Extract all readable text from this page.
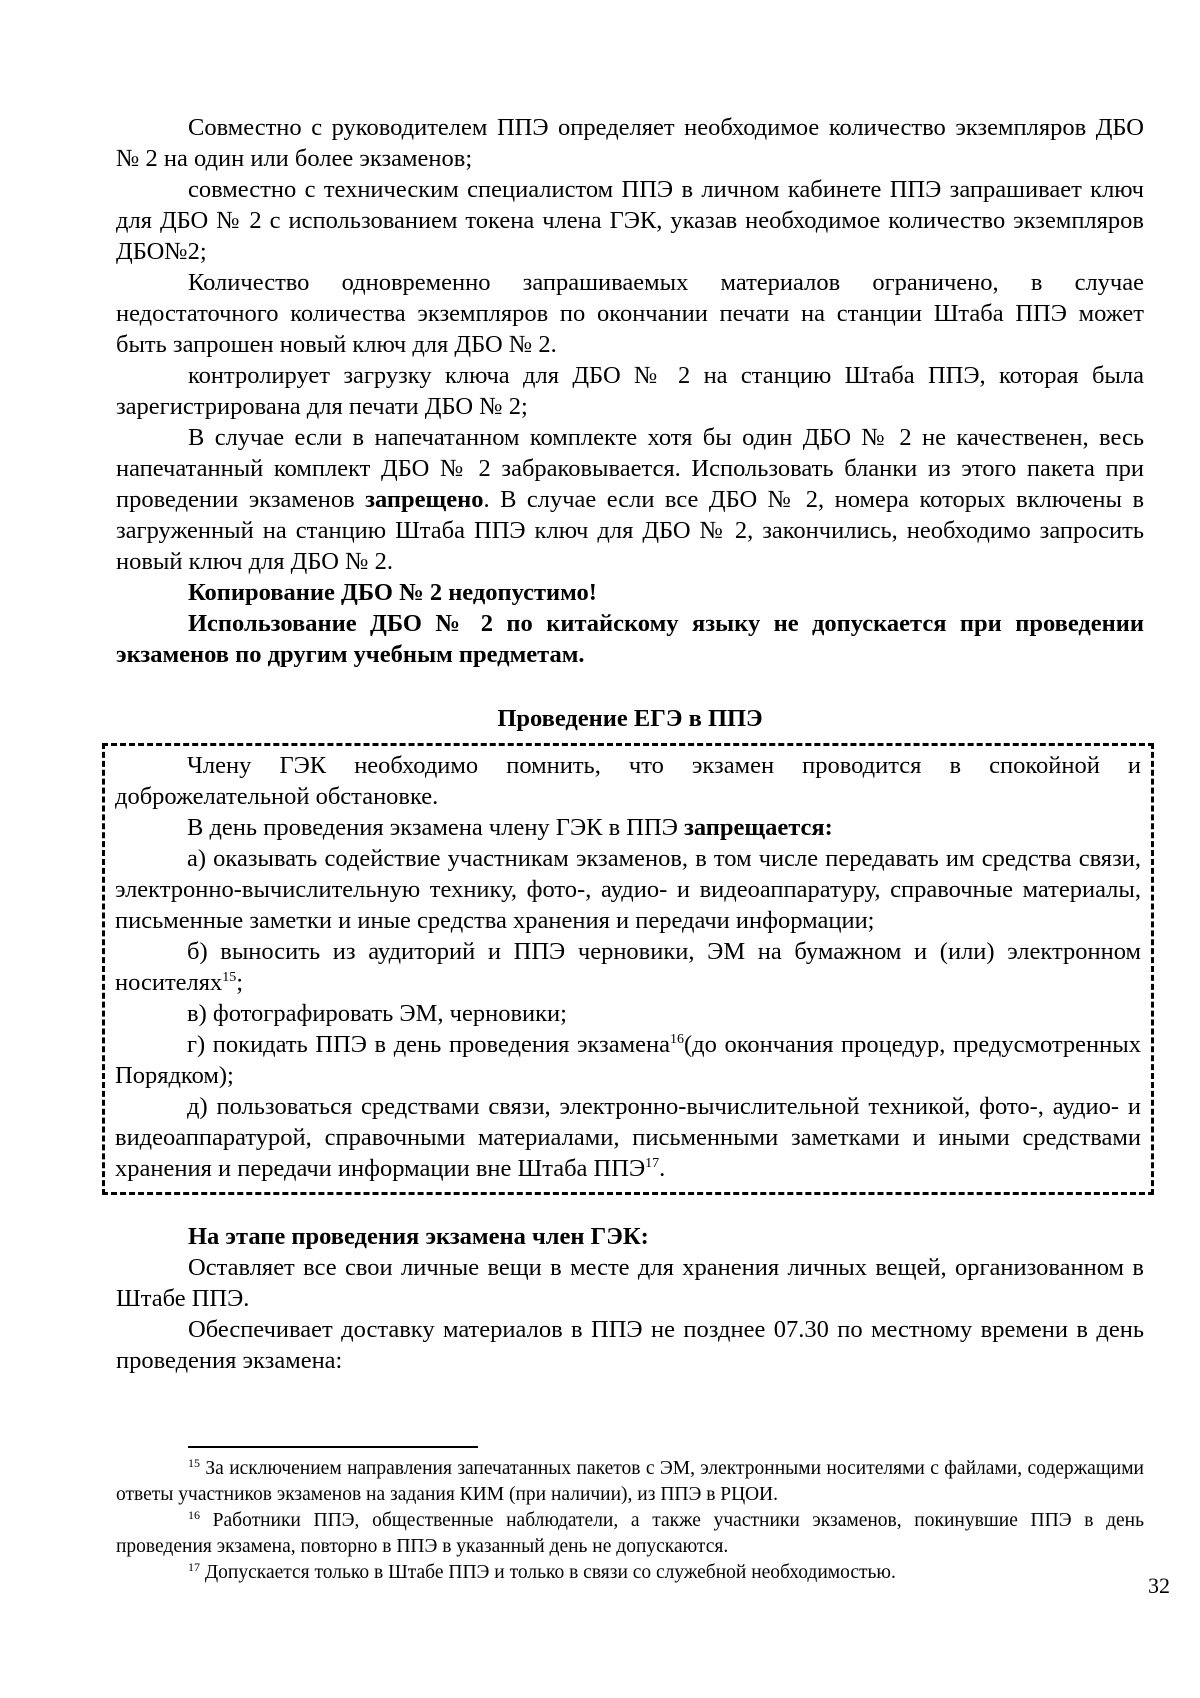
Совместно с руководителем ППЭ определяет необходимое количество экземпляров ДБО № 2 на один или более экзаменов;

совместно с техническим специалистом ППЭ в личном кабинете ППЭ запрашивает ключ для ДБО № 2 с использованием токена члена ГЭК, указав необходимое количество экземпляров ДБО№2;

Количество одновременно запрашиваемых материалов ограничено, в случае недостаточного количества экземпляров по окончании печати на станции Штаба ППЭ может быть запрошен новый ключ для ДБО № 2.

контролирует загрузку ключа для ДБО № 2 на станцию Штаба ППЭ, которая была зарегистрирована для печати ДБО № 2;

В случае если в напечатанном комплекте хотя бы один ДБО № 2 не качественен, весь напечатанный комплект ДБО № 2 забраковывается. Использовать бланки из этого пакета при проведении экзаменов запрещено. В случае если все ДБО № 2, номера которых включены в загруженный на станцию Штаба ППЭ ключ для ДБО № 2, закончились, необходимо запросить новый ключ для ДБО № 2.

Копирование ДБО № 2 недопустимо!

Использование ДБО № 2 по китайскому языку не допускается при проведении экзаменов по другим учебным предметам.

Проведение ЕГЭ в ППЭ

Члену ГЭК необходимо помнить, что экзамен проводится в спокойной и доброжелательной обстановке.

В день проведения экзамена члену ГЭК в ППЭ запрещается:

а) оказывать содействие участникам экзаменов, в том числе передавать им средства связи, электронно-вычислительную технику, фото-, аудио- и видеоаппаратуру, справочные материалы, письменные заметки и иные средства хранения и передачи информации;

б) выносить из аудиторий и ППЭ черновики, ЭМ на бумажном и (или) электронном носителях$^{15}$;

в) фотографировать ЭМ, черновики;

г) покидать ППЭ в день проведения экзамена$^{16}$(до окончания процедур, предусмотренных Порядком);

д) пользоваться средствами связи, электронно-вычислительной техникой, фото-, аудио- и видеоаппаратурой, справочными материалами, письменными заметками и иными средствами хранения и передачи информации вне Штаба ППЭ$^{17}$.

На этапе проведения экзамена член ГЭК:

Оставляет все свои личные вещи в месте для хранения личных вещей, организованном в Штабе ППЭ.

Обеспечивает доставку материалов в ППЭ не позднее 07.30 по местному времени в день проведения экзамена:

$^{15}$ За исключением направления запечатанных пакетов с ЭМ, электронными носителями с файлами, содержащими ответы участников экзаменов на задания КИМ (при наличии), из ППЭ в РЦОИ.

$^{16}$ Работники ППЭ, общественные наблюдатели, а также участники экзаменов, покинувшие ППЭ в день проведения экзамена, повторно в ППЭ в указанный день не допускаются.

$^{17}$ Допускается только в Штабе ППЭ и только в связи со служебной необходимостью.

32
